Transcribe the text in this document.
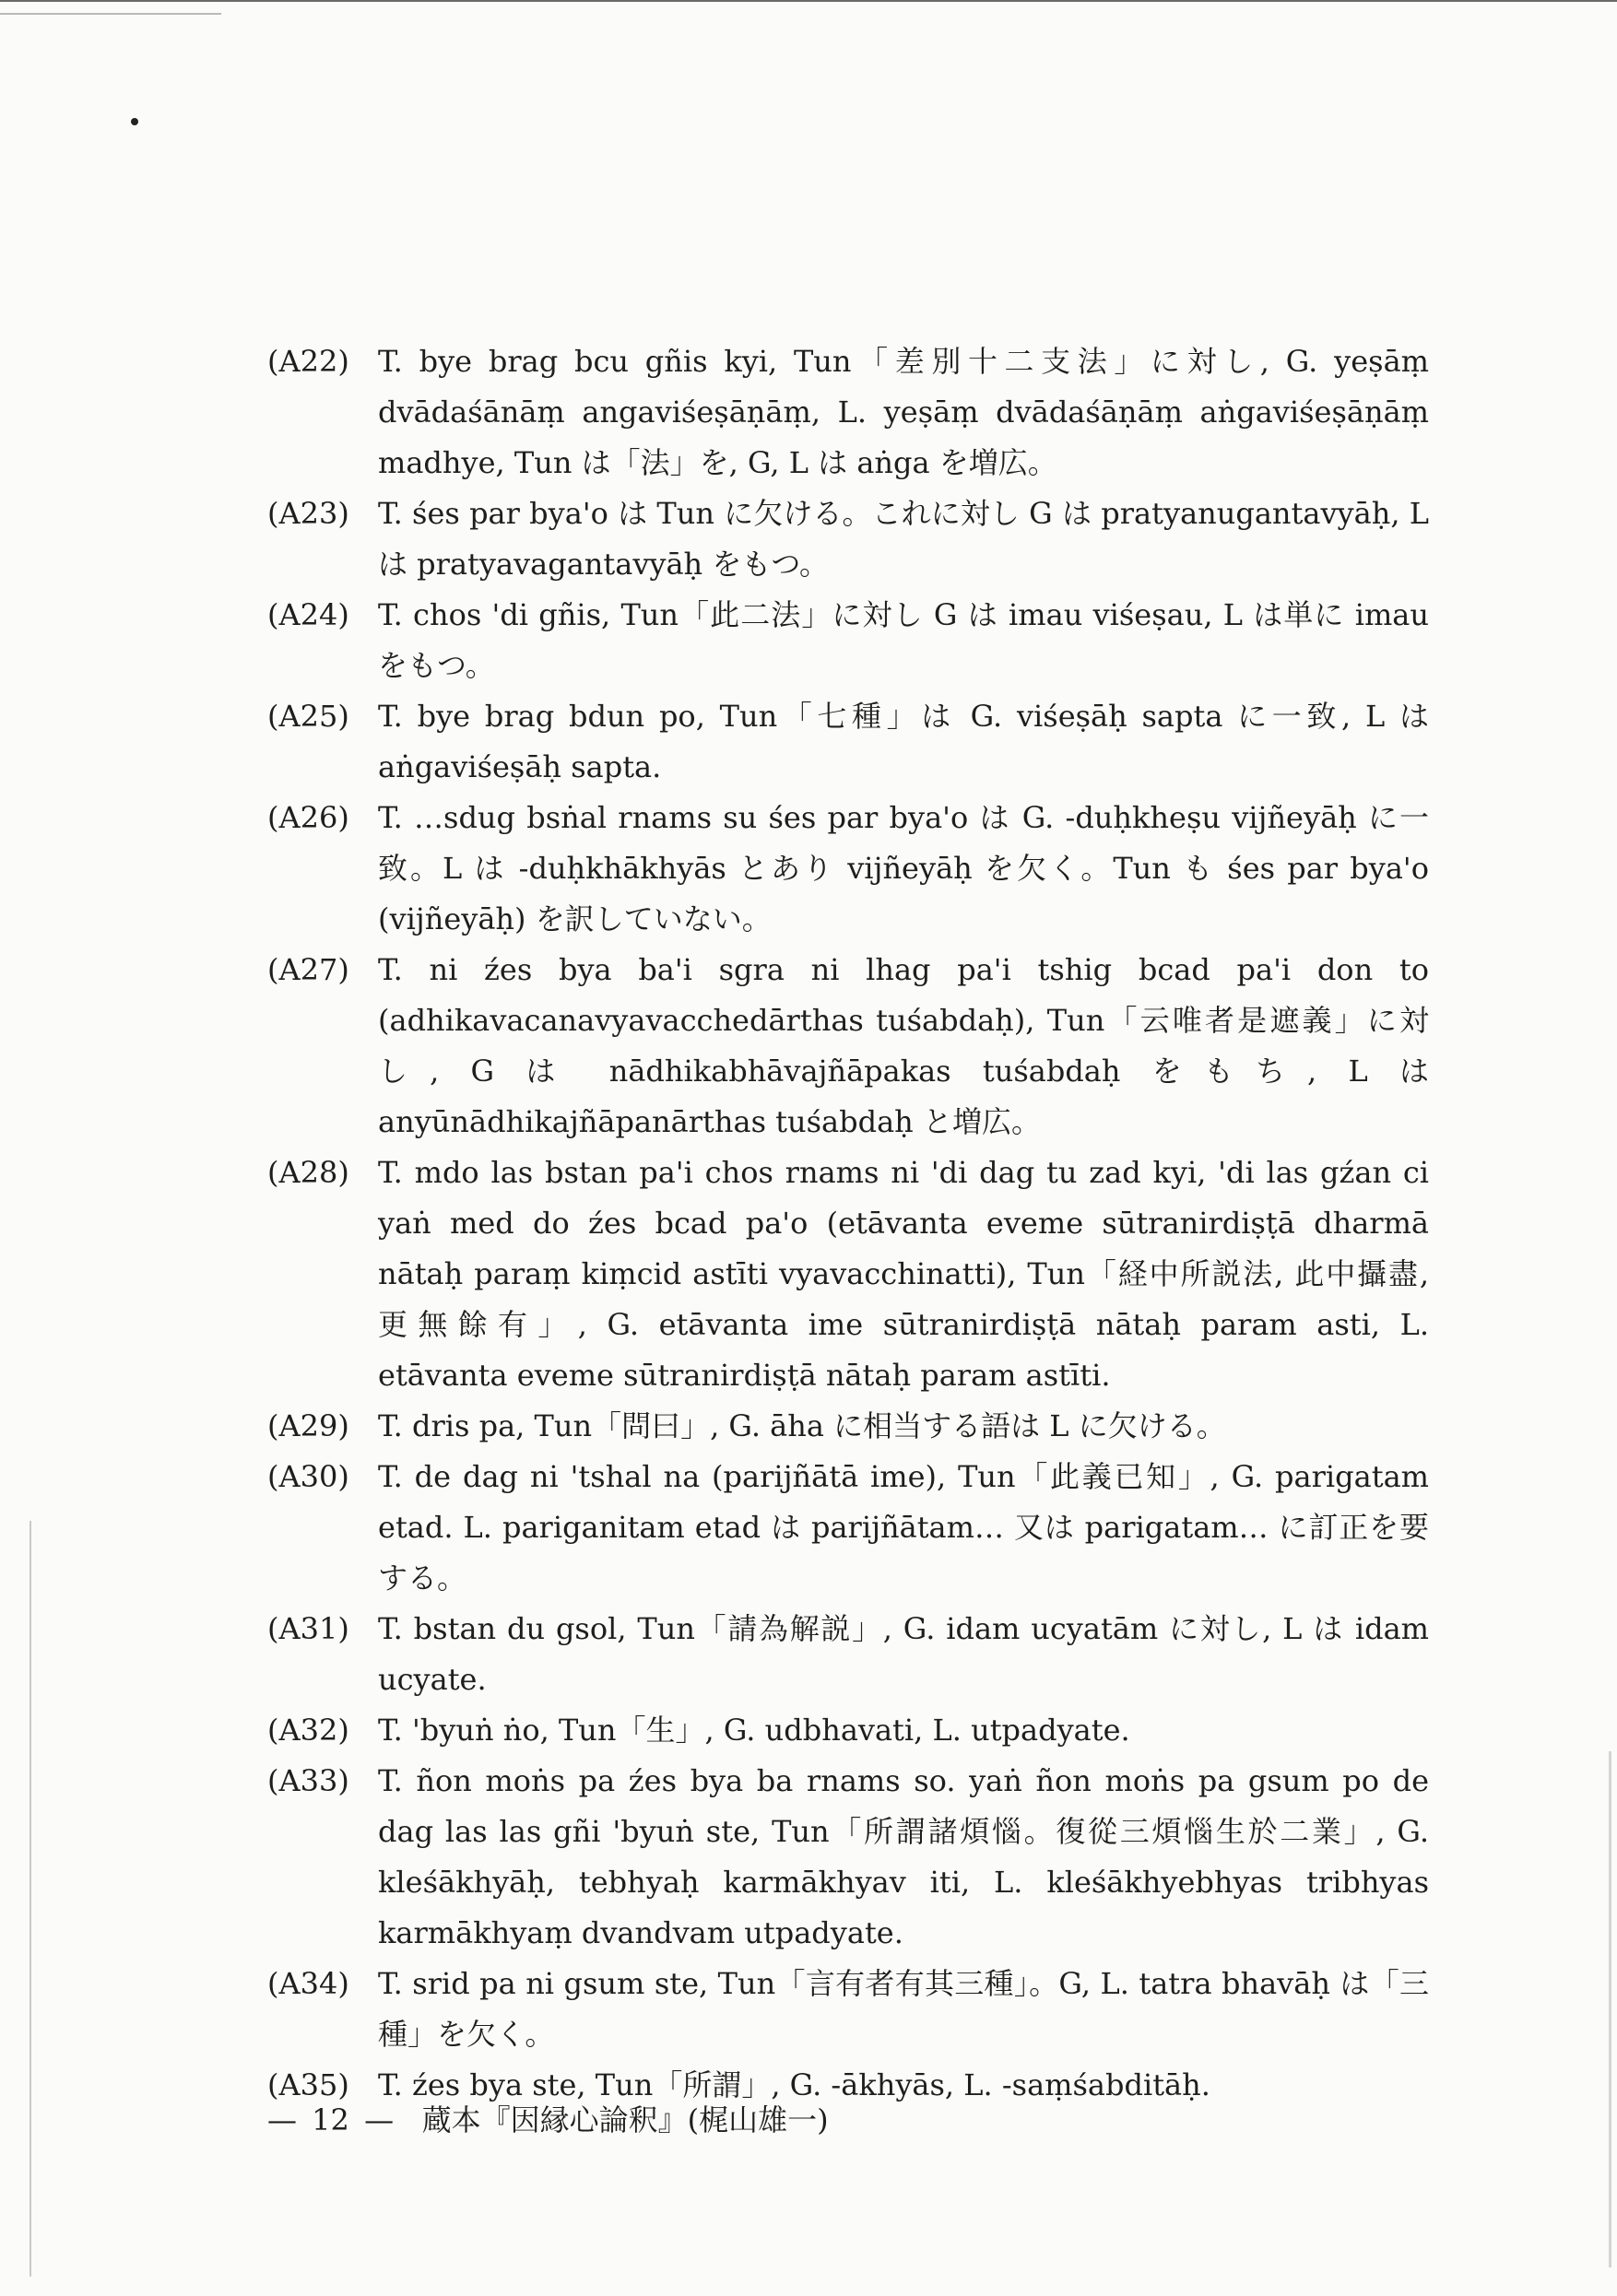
(A22) T. bye brag bcu gñis kyi, Tun「差別十二支法」に対し, G. yeṣāṃ dvādaśānāṃ angaviśeṣāṇāṃ, L. yeṣāṃ dvādaśāṇāṃ aṅgaviśeṣāṇāṃ madhye, Tun は「法」を, G, L は aṅga を増広。
(A23) T. śes par bya'o は Tun に欠ける。これに対し G は pratyanugantavyāḥ, L は pratyavagantavyāḥ をもつ。
(A24) T. chos 'di gñis, Tun「此二法」に対し G は imau viśeṣau, L は単に imau をもつ。
(A25) T. bye brag bdun po, Tun「七種」は G. viśeṣāḥ sapta に一致, L は aṅgaviśeṣāḥ sapta.
(A26) T. …sdug bsṅal rnams su śes par bya'o は G. -duḥkheṣu vijñeyāḥ に一致。L は -duḥkhākhyās とあり vijñeyāḥ を欠く。Tun も śes par bya'o (vijñeyāḥ) を訳していない。
(A27) T. ni źes bya ba'i sgra ni lhag pa'i tshig bcad pa'i don to (adhikavacanavyavacchedārthas tuśabdaḥ), Tun「云唯者是遮義」に対し, G は nādhikabhāvajñāpakas tuśabdaḥ をもち, L は anyūnādhikajñāpanārthas tuśabdaḥ と増広。
(A28) T. mdo las bstan pa'i chos rnams ni 'di dag tu zad kyi, 'di las gźan ci yaṅ med do źes bcad pa'o (etāvanta eveme sūtranirdiṣṭā dharmā nātaḥ paraṃ kiṃcid astīti vyavacchinatti), Tun「経中所説法, 此中攝盡, 更無餘有」, G. etāvanta ime sūtranirdiṣṭā nātaḥ param asti, L. etāvanta eveme sūtranirdiṣṭā nātaḥ param astīti.
(A29) T. dris pa, Tun「問曰」, G. āha に相当する語は L に欠ける。
(A30) T. de dag ni 'tshal na (parijñātā ime), Tun「此義已知」, G. parigatam etad. L. pariganitam etad は parijñātam… 又は parigatam… に訂正を要する。
(A31) T. bstan du gsol, Tun「請為解説」, G. idam ucyatām に対し, L は idam ucyate.
(A32) T. 'byuṅ ṅo, Tun「生」, G. udbhavati, L. utpadyate.
(A33) T. ñon moṅs pa źes bya ba rnams so. yaṅ ñon moṅs pa gsum po de dag las las gñi 'byuṅ ste, Tun「所謂諸煩惱。復從三煩惱生於二業」, G. kleśākhyāḥ, tebhyaḥ karmākhyav iti, L. kleśākhyebhyas tribhyas karmākhyaṃ dvandvam utpadyate.
(A34) T. srid pa ni gsum ste, Tun「言有者有其三種」。G, L. tatra bhavāḥ は「三種」を欠く。
(A35) T. źes bya ste, Tun「所謂」, G. -ākhyās, L. -saṃśabditāḥ.
— 12 — 蔵本『因縁心論釈』(梶山雄一)
